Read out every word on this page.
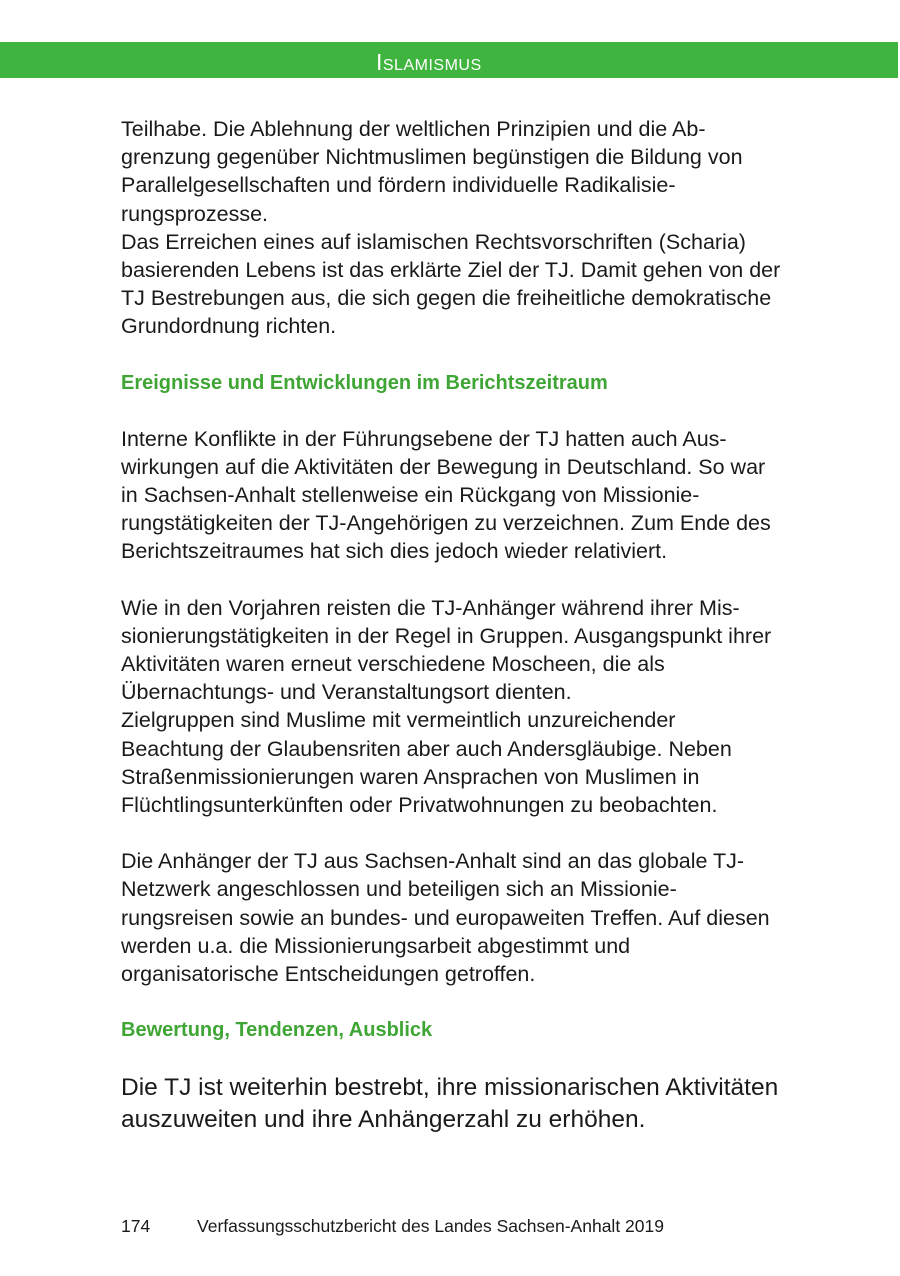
Islamismus

Teilhabe. Die Ablehnung der weltlichen Prinzipien und die Abgrenzung gegenüber Nichtmuslimen begünstigen die Bildung von Parallelgesellschaften und fördern individuelle Radikalisierungsprozesse.

Das Erreichen eines auf islamischen Rechtsvorschriften (Scharia) basierenden Lebens ist das erklärte Ziel der TJ. Damit gehen von der TJ Bestrebungen aus, die sich gegen die freiheitliche demokratische Grundordnung richten.

Ereignisse und Entwicklungen im Berichtszeitraum

Interne Konflikte in der Führungsebene der TJ hatten auch Auswirkungen auf die Aktivitäten der Bewegung in Deutschland. So war in Sachsen-Anhalt stellenweise ein Rückgang von Missionierungstätigkeiten der TJ-Angehörigen zu verzeichnen. Zum Ende des Berichtszeitraumes hat sich dies jedoch wieder relativiert.

Wie in den Vorjahren reisten die TJ-Anhänger während ihrer Missionierungstätigkeiten in der Regel in Gruppen. Ausgangspunkt ihrer Aktivitäten waren erneut verschiedene Moscheen, die als Übernachtungs- und Veranstaltungsort dienten.

Zielgruppen sind Muslime mit vermeintlich unzureichender Beachtung der Glaubensriten aber auch Andersgläubige. Neben Straßenmissionierungen waren Ansprachen von Muslimen in Flüchtlingsunterkünften oder Privatwohnungen zu beobachten.

Die Anhänger der TJ aus Sachsen-Anhalt sind an das globale TJ-Netzwerk angeschlossen und beteiligen sich an Missionierungsreisen sowie an bundes- und europaweiten Treffen. Auf diesen werden u.a. die Missionierungsarbeit abgestimmt und organisatorische Entscheidungen getroffen.

Bewertung, Tendenzen, Ausblick

Die TJ ist weiterhin bestrebt, ihre missionarischen Aktivitäten auszuweiten und ihre Anhängerzahl zu erhöhen.

174	Verfassungsschutzbericht des Landes Sachsen-Anhalt 2019
